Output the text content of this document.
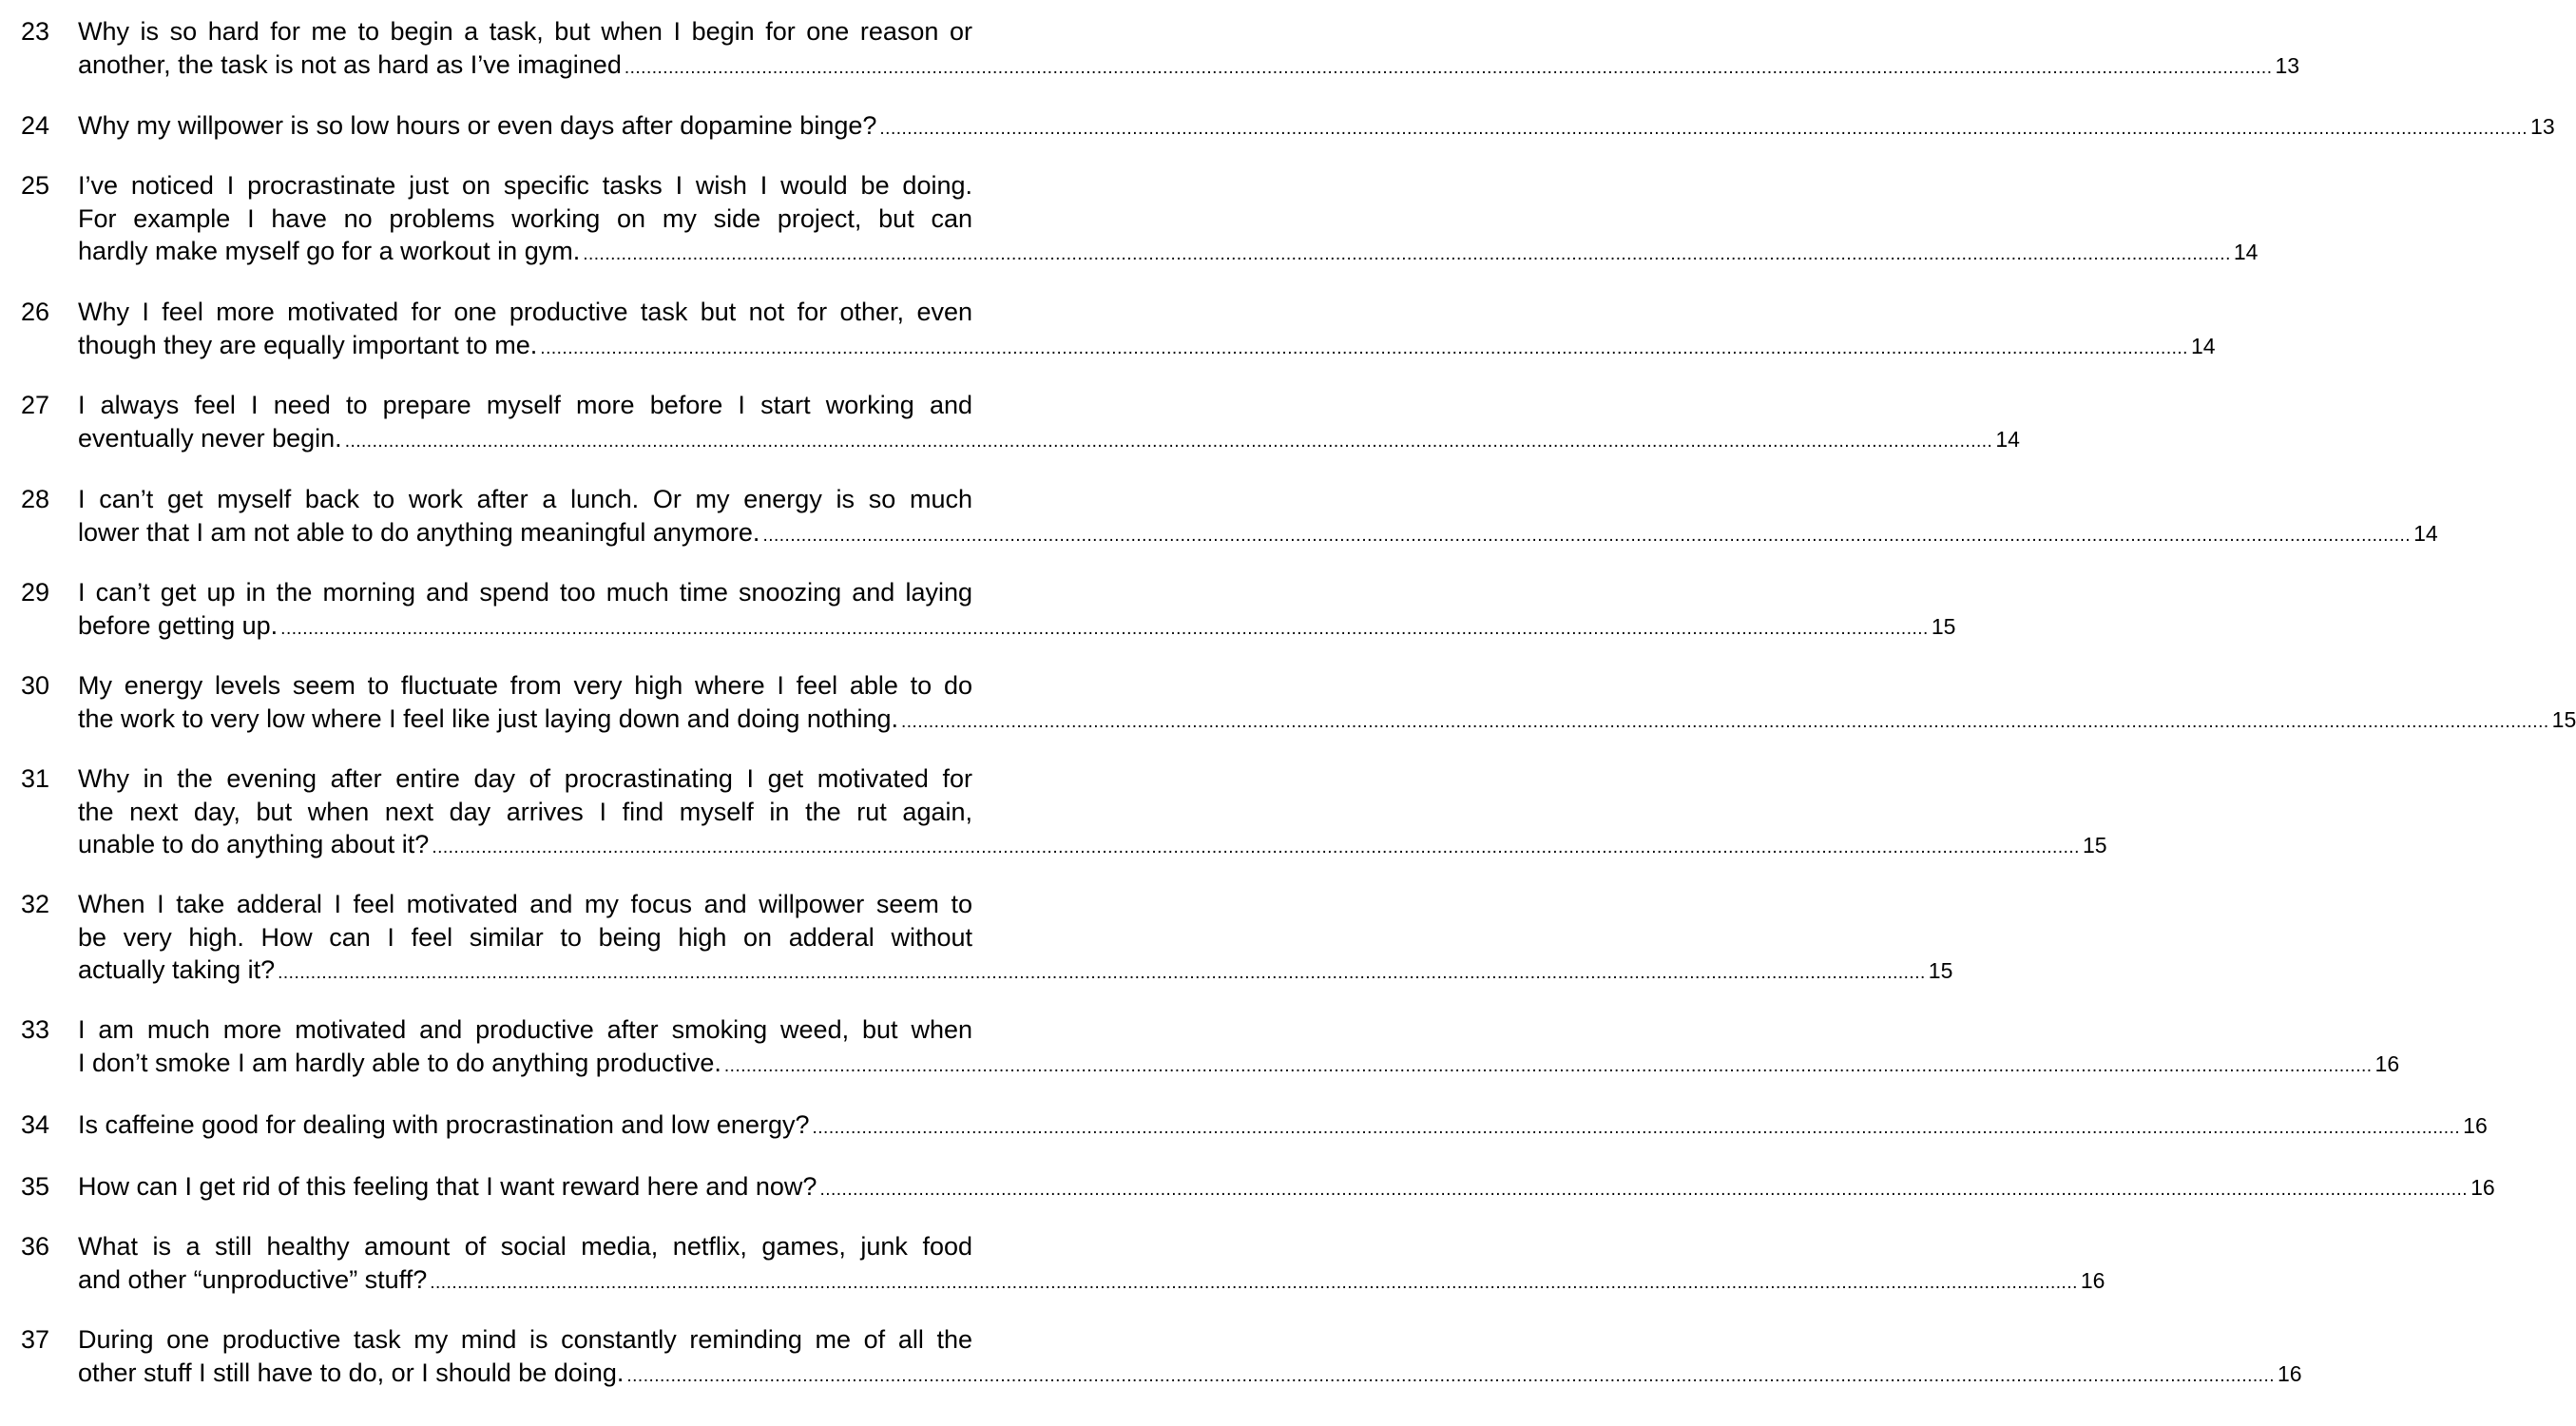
23 Why is so hard for me to begin a task, but when I begin for one reason or
another, the task is not as hard as I’ve imagined ............................................................................................................................................................................................................................................................................................................ 13
24 Why my willpower is so low hours or even days after dopamine binge? ............................................................................................................................................................................................................................................................................................................ 13
25 I’ve noticed I procrastinate just on specific tasks I wish I would be doing.
For example I have no problems working on my side project, but can
hardly make myself go for a workout in gym. ............................................................................................................................................................................................................................................................................................................ 14
26 Why I feel more motivated for one productive task but not for other, even
though they are equally important to me. ............................................................................................................................................................................................................................................................................................................ 14
27 I always feel I need to prepare myself more before I start working and
eventually never begin. ............................................................................................................................................................................................................................................................................................................ 14
28 I can’t get myself back to work after a lunch. Or my energy is so much
lower that I am not able to do anything meaningful anymore. ............................................................................................................................................................................................................................................................................................................ 14
29 I can’t get up in the morning and spend too much time snoozing and laying
before getting up. ............................................................................................................................................................................................................................................................................................................ 15
30 My energy levels seem to fluctuate from very high where I feel able to do
the work to very low where I feel like just laying down and doing nothing. ............................................................................................................................................................................................................................................................................................................ 15
31 Why in the evening after entire day of procrastinating I get motivated for
the next day, but when next day arrives I find myself in the rut again,
unable to do anything about it? ............................................................................................................................................................................................................................................................................................................ 15
32 When I take adderal I feel motivated and my focus and willpower seem to
be very high. How can I feel similar to being high on adderal without
actually taking it? ............................................................................................................................................................................................................................................................................................................ 15
33 I am much more motivated and productive after smoking weed, but when
I don’t smoke I am hardly able to do anything productive. ............................................................................................................................................................................................................................................................................................................ 16
34 Is caffeine good for dealing with procrastination and low energy? ............................................................................................................................................................................................................................................................................................................ 16
35 How can I get rid of this feeling that I want reward here and now? ............................................................................................................................................................................................................................................................................................................ 16
36 What is a still healthy amount of social media, netflix, games, junk food
and other “unproductive” stuff? ............................................................................................................................................................................................................................................................................................................ 16
37 During one productive task my mind is constantly reminding me of all the
other stuff I still have to do, or I should be doing. ............................................................................................................................................................................................................................................................................................................ 16
